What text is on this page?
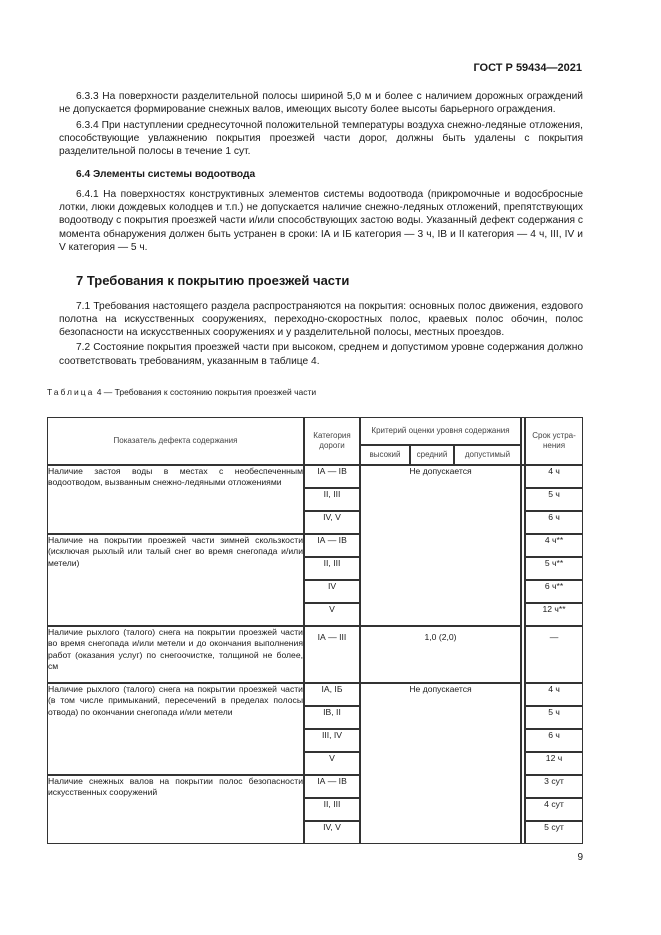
ГОСТ Р 59434—2021

6.3.3 На поверхности разделительной полосы шириной 5,0 м и более с наличием дорожных ограждений не допускается формирование снежных валов, имеющих высоту более высоты барьерного ограждения.

6.3.4 При наступлении среднесуточной положительной температуры воздуха снежно-ледяные отложения, способствующие увлажнению покрытия проезжей части дорог, должны быть удалены с покрытия разделительной полосы в течение 1 сут.

6.4 Элементы системы водоотвода

6.4.1 На поверхностях конструктивных элементов системы водоотвода (прикромочные и водосбросные лотки, люки дождевых колодцев и т.п.) не допускается наличие снежно-ледяных отложений, препятствующих водоотводу с покрытия проезжей части и/или способствующих застою воды. Указанный дефект содержания с момента обнаружения должен быть устранен в сроки: IА и IБ категория — 3 ч, IВ и II категория — 4 ч, III, IV и V категория — 5 ч.

7 Требования к покрытию проезжей части

7.1 Требования настоящего раздела распространяются на покрытия: основных полос движения, ездового полотна на искусственных сооружениях, переходно-скоростных полос, краевых полос обочин, полос безопасности на искусственных сооружениях и у разделительной полосы, местных проездов.

7.2 Состояние покрытия проезжей части при высоком, среднем и допустимом уровне содержания должно соответствовать требованиям, указанным в таблице 4.

Таблица 4 — Требования к состоянию покрытия проезжей части
Показатель дефекта содержания	Категория дороги	Критерий оценки уровня содержания				Срок устра-нения
		высокий	средний	допустимый		
Наличие застоя воды в местах с необеспеченным водоотводом, вызванным снежно-ледяными отложениями	IА — IВ	Не допускается				4 ч
	II, III					5 ч
	IV, V					6 ч
Наличие на покрытии проезжей части зимней скользкости (исключая рыхлый или талый снег во время снегопада и/или метели)	IА — IВ					4 ч**
	II, III					5 ч**
	IV					6 ч**
	V					12 ч**
Наличие рыхлого (талого) снега на покрытии проезжей части во время снегопада и/или метели и до окончания выполнения работ (оказания услуг) по снегоочистке, толщиной не более, см	IА — III	1,0 (2,0)				—
Наличие рыхлого (талого) снега на покрытии проезжей части (в том числе примыканий, пересечений в пределах полосы отвода) по окончании снегопада и/или метели	IА, IБ	Не допускается				4 ч
	IВ, II					5 ч
	III, IV					6 ч
	V					12 ч
Наличие снежных валов на покрытии полос безопасности искусственных сооружений	IА — IВ					3 сут
	II, III					4 сут
	IV, V					5 сут
9
